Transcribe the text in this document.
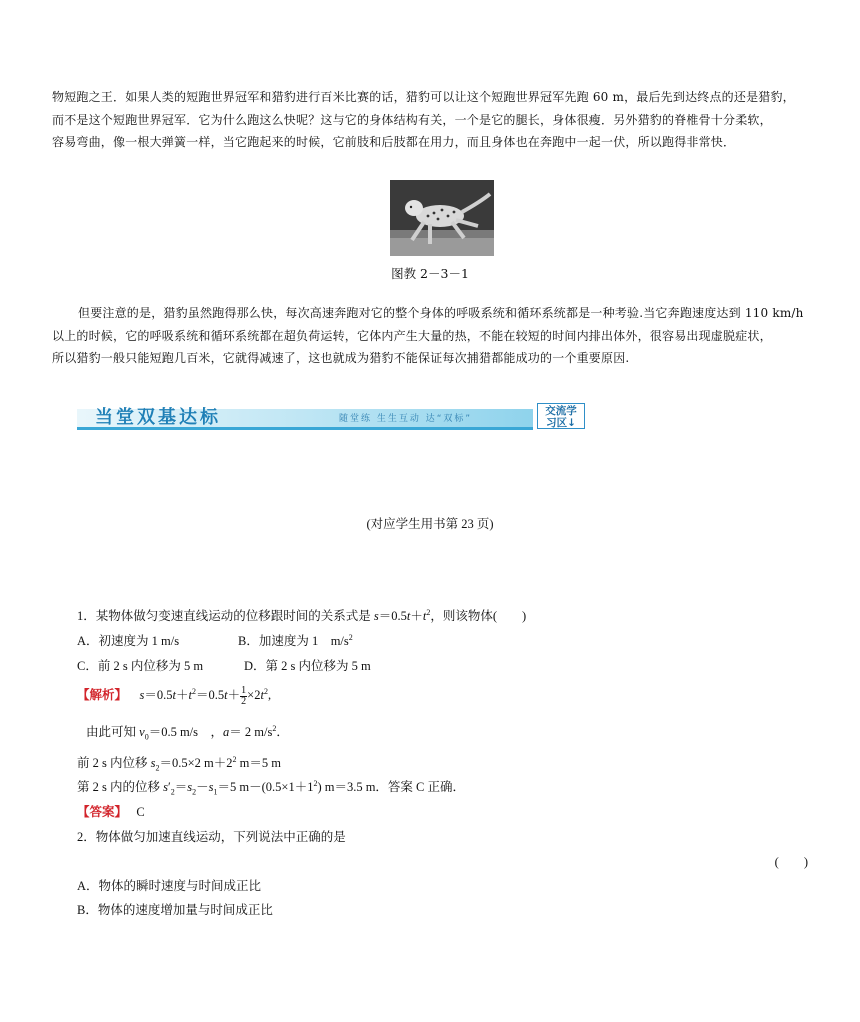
物短跑之王．如果人类的短跑世界冠军和猎豹进行百米比赛的话，猎豹可以让这个短跑世界冠军先跑 60 m，最后先到达终点的还是猎豹，
而不是这个短跑世界冠军．它为什么跑这么快呢？这与它的身体结构有关，一个是它的腿长，身体很瘦．另外猎豹的脊椎骨十分柔软，
容易弯曲，像一根大弹簧一样，当它跑起来的时候，它前肢和后肢都在用力，而且身体也在奔跑中一起一伏，所以跑得非常快．
图教 2－3－1
但要注意的是，猎豹虽然跑得那么快，每次高速奔跑对它的整个身体的呼吸系统和循环系统都是一种考验.当它奔跑速度达到 110 km/h
以上的时候，它的呼吸系统和循环系统都在超负荷运转，它体内产生大量的热，不能在较短的时间内排出体外，很容易出现虚脱症状，
所以猎豹一般只能短跑几百米，它就得减速了，这也就成为猎豹不能保证每次捕猎都能成功的一个重要原因.
当堂双基达标	随堂练 生生互动 达“双标”
交流学
习区↓
(对应学生用书第 23 页)
1．某物体做匀变速直线运动的位移跟时间的关系式是 $s=0.5t+t^2$，则该物体(　　)
A．初速度为 1 m/s	B．加速度为 1　$m/s^2$
C．前 2 s 内位移为 5 m	D．第 2 s 内位移为 5 m
【解析】 $s=0.5t+t^2=0.5t+ \frac{1}{2} \times 2t^2$,
由此可知 $v_0=0.5$ m/s　，a＝ 2 $m/s^2$．
前 2 s 内位移 $s_2=0.5\times 2$ $m+2^2$ m＝5 m
第 2 s 内的位移 $s'_2=s_2-s_1=5$ $m-(0.5\times 1+1^2)$ m＝3.5 m．答案 C 正确．
【答案】 C
2．物体做匀加速直线运动，下列说法中正确的是
(　　)
A．物体的瞬时速度与时间成正比
B．物体的速度增加量与时间成正比
